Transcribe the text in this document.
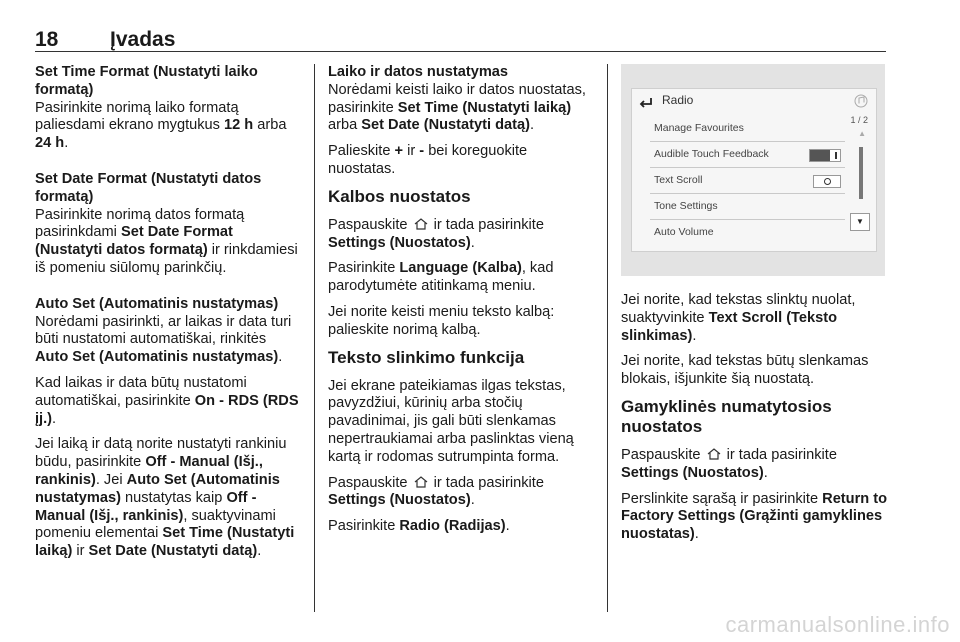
18 Įvadas
Set Time Format (Nustatyti laiko formatą)

Pasirinkite norimą laiko formatą paliesdami ekrano mygtukus 12 h arba 24 h.

Set Date Format (Nustatyti datos formatą)

Pasirinkite norimą datos formatą pasirinkdami Set Date Format (Nustatyti datos formatą) ir rinkdamiesi iš pomeniu siūlomų parinkčių.

Auto Set (Automatinis nustatymas)

Norėdami pasirinkti, ar laikas ir data turi būti nustatomi automatiškai, rinkitės Auto Set (Automatinis nustatymas).

Kad laikas ir data būtų nustatomi automatiškai, pasirinkite On - RDS (RDS įj.).

Jei laiką ir datą norite nustatyti rankiniu būdu, pasirinkite Off - Manual (Išj., rankinis). Jei Auto Set (Automatinis nustatymas) nustatytas kaip Off - Manual (Išj., rankinis), suaktyvinami pomeniu elementai Set Time (Nustatyti laiką) ir Set Date (Nustatyti datą).

Laiko ir datos nustatymas

Norėdami keisti laiko ir datos nuostatas, pasirinkite Set Time (Nustatyti laiką) arba Set Date (Nustatyti datą).

Palieskite + ir - bei koreguokite nuostatas.

Kalbos nuostatos

Paspauskite
ir tada pasirinkite Settings (Nuostatos).

Pasirinkite Language (Kalba), kad parodytumėte atitinkamą meniu.

Jei norite keisti meniu teksto kalbą: palieskite norimą kalbą.

Teksto slinkimo funkcija

Jei ekrane pateikiamas ilgas tekstas, pavyzdžiui, kūrinių arba stočių pavadinimai, jis gali būti slenkamas nepertraukiamai arba paslinktas vieną kartą ir rodomas sutrumpinta forma.

Paspauskite
ir tada pasirinkite Settings (Nuostatos).

Pasirinkite Radio (Radijas).

Radio
Manage Favourites
Audible Touch Feedback
Text Scroll
Tone Settings
Auto Volume
1 / 2
▲
▼

Jei norite, kad tekstas slinktų nuolat, suaktyvinkite Text Scroll (Teksto slinkimas).

Jei norite, kad tekstas būtų slenkamas blokais, išjunkite šią nuostatą.

Gamyklinės numatytosios nuostatos

Paspauskite
ir tada pasirinkite Settings (Nuostatos).

Perslinkite sąrašą ir pasirinkite Return to Factory Settings (Grąžinti gamyklines nuostatas).

carmanualsonline.info
